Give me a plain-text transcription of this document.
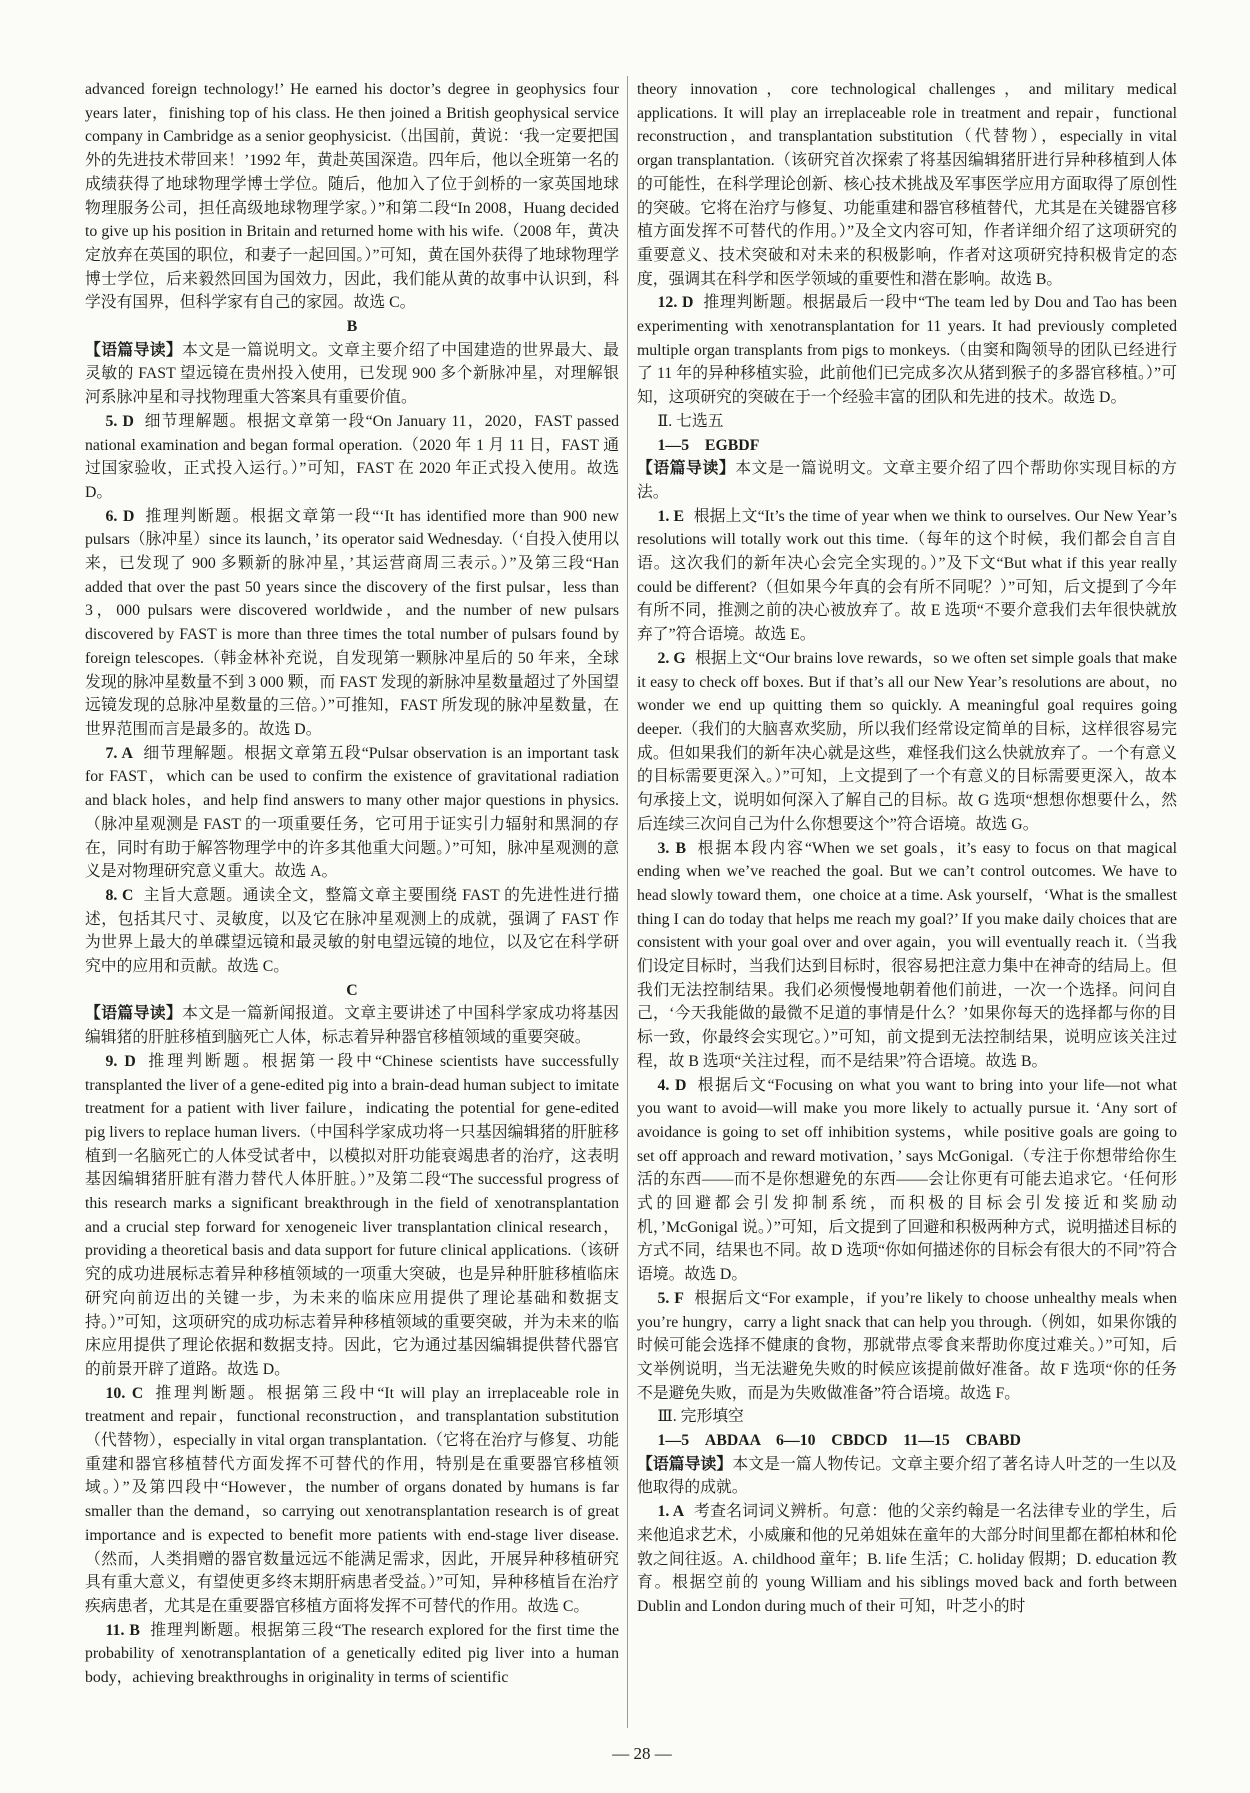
advanced foreign technology!’ He earned his doctor’s degree in geophysics four years later，finishing top of his class. He then joined a British geophysical service company in Cambridge as a senior geophysicist.（出国前，黄说：‘我一定要把国外的先进技术带回来！’1992 年，黄赴英国深造。四年后，他以全班第一名的成绩获得了地球物理学博士学位。随后，他加入了位于剑桥的一家英国地球物理服务公司，担任高级地球物理学家。）”和第二段“In 2008，Huang decided to give up his position in Britain and returned home with his wife.（2008 年，黄决定放弃在英国的职位，和妻子一起回国。）”可知，黄在国外获得了地球物理学博士学位，后来毅然回国为国效力，因此，我们能从黄的故事中认识到，科学没有国界，但科学家有自己的家园。故选 C。

B

【语篇导读】本文是一篇说明文。文章主要介绍了中国建造的世界最大、最灵敏的 FAST 望远镜在贵州投入使用，已发现 900 多个新脉冲星，对理解银河系脉冲星和寻找物理重大答案具有重要价值。

5. D 细节理解题。根据文章第一段“On January 11，2020，FAST passed national examination and began formal operation.（2020 年 1 月 11 日，FAST 通过国家验收，正式投入运行。）”可知，FAST 在 2020 年正式投入使用。故选 D。

6. D 推理判断题。根据文章第一段“‘It has identified more than 900 new pulsars（脉冲星）since its launch，’ its operator said Wednesday.（‘自投入使用以来，已发现了 900 多颗新的脉冲星，’其运营商周三表示。）”及第三段“Han added that over the past 50 years since the discovery of the first pulsar，less than 3，000 pulsars were discovered worldwide，and the number of new pulsars discovered by FAST is more than three times the total number of pulsars found by foreign telescopes.（韩金林补充说，自发现第一颗脉冲星后的 50 年来，全球发现的脉冲星数量不到 3 000 颗，而 FAST 发现的新脉冲星数量超过了外国望远镜发现的总脉冲星数量的三倍。）”可推知，FAST 所发现的脉冲星数量，在世界范围而言是最多的。故选 D。

7. A 细节理解题。根据文章第五段“Pulsar observation is an important task for FAST，which can be used to confirm the existence of gravitational radiation and black holes，and help find answers to many other major questions in physics.（脉冲星观测是 FAST 的一项重要任务，它可用于证实引力辐射和黑洞的存在，同时有助于解答物理学中的许多其他重大问题。）”可知，脉冲星观测的意义是对物理研究意义重大。故选 A。

8. C 主旨大意题。通读全文，整篇文章主要围绕 FAST 的先进性进行描述，包括其尺寸、灵敏度，以及它在脉冲星观测上的成就，强调了 FAST 作为世界上最大的单碟望远镜和最灵敏的射电望远镜的地位，以及它在科学研究中的应用和贡献。故选 C。

C

【语篇导读】本文是一篇新闻报道。文章主要讲述了中国科学家成功将基因编辑猪的肝脏移植到脑死亡人体，标志着异种器官移植领域的重要突破。

9. D 推理判断题。根据第一段中“Chinese scientists have successfully transplanted the liver of a gene-edited pig into a brain-dead human subject to imitate treatment for a patient with liver failure，indicating the potential for gene-edited pig livers to replace human livers.（中国科学家成功将一只基因编辑猪的肝脏移植到一名脑死亡的人体受试者中，以模拟对肝功能衰竭患者的治疗，这表明基因编辑猪肝脏有潜力替代人体肝脏。）”及第二段“The successful progress of this research marks a significant breakthrough in the field of xenotransplantation and a crucial step forward for xenogeneic liver transplantation clinical research，providing a theoretical basis and data support for future clinical applications.（该研究的成功进展标志着异种移植领域的一项重大突破，也是异种肝脏移植临床研究向前迈出的关键一步，为未来的临床应用提供了理论基础和数据支持。）”可知，这项研究的成功标志着异种移植领域的重要突破，并为未来的临床应用提供了理论依据和数据支持。因此，它为通过基因编辑提供替代器官的前景开辟了道路。故选 D。

10. C 推理判断题。根据第三段中“It will play an irreplaceable role in treatment and repair，functional reconstruction，and transplantation substitution（代替物），especially in vital organ transplantation.（它将在治疗与修复、功能重建和器官移植替代方面发挥不可替代的作用，特别是在重要器官移植领域。）”及第四段中“However，the number of organs donated by humans is far smaller than the demand，so carrying out xenotransplantation research is of great importance and is expected to benefit more patients with end-stage liver disease.（然而，人类捐赠的器官数量远远不能满足需求，因此，开展异种移植研究具有重大意义，有望使更多终末期肝病患者受益。）”可知，异种移植旨在治疗疾病患者，尤其是在重要器官移植方面将发挥不可替代的作用。故选 C。

11. B 推理判断题。根据第三段“The research explored for the first time the probability of xenotransplantation of a genetically edited pig liver into a human body，achieving breakthroughs in originality in terms of scientific

theory innovation，core technological challenges，and military medical applications. It will play an irreplaceable role in treatment and repair，functional reconstruction，and transplantation substitution（代替物），especially in vital organ transplantation.（该研究首次探索了将基因编辑猪肝进行异种移植到人体的可能性，在科学理论创新、核心技术挑战及军事医学应用方面取得了原创性的突破。它将在治疗与修复、功能重建和器官移植替代，尤其是在关键器官移植方面发挥不可替代的作用。）”及全文内容可知，作者详细介绍了这项研究的重要意义、技术突破和对未来的积极影响，作者对这项研究持积极肯定的态度，强调其在科学和医学领域的重要性和潜在影响。故选 B。

12. D 推理判断题。根据最后一段中“The team led by Dou and Tao has been experimenting with xenotransplantation for 11 years. It had previously completed multiple organ transplants from pigs to monkeys.（由窦和陶领导的团队已经进行了 11 年的异种移植实验，此前他们已完成多次从猪到猴子的多器官移植。）”可知，这项研究的突破在于一个经验丰富的团队和先进的技术。故选 D。

Ⅱ. 七选五

1—5　EGBDF

【语篇导读】本文是一篇说明文。文章主要介绍了四个帮助你实现目标的方法。

1. E 根据上文“It’s the time of year when we think to ourselves. Our New Year’s resolutions will totally work out this time.（每年的这个时候，我们都会自言自语。这次我们的新年决心会完全实现的。）”及下文“But what if this year really could be different?（但如果今年真的会有所不同呢？）”可知，后文提到了今年有所不同，推测之前的决心被放弃了。故 E 选项“不要介意我们去年很快就放弃了”符合语境。故选 E。

2. G 根据上文“Our brains love rewards，so we often set simple goals that make it easy to check off boxes. But if that’s all our New Year’s resolutions are about，no wonder we end up quitting them so quickly. A meaningful goal requires going deeper.（我们的大脑喜欢奖励，所以我们经常设定简单的目标，这样很容易完成。但如果我们的新年决心就是这些，难怪我们这么快就放弃了。一个有意义的目标需要更深入。）”可知，上文提到了一个有意义的目标需要更深入，故本句承接上文，说明如何深入了解自己的目标。故 G 选项“想想你想要什么，然后连续三次问自己为什么你想要这个”符合语境。故选 G。

3. B 根据本段内容“When we set goals，it’s easy to focus on that magical ending when we’ve reached the goal. But we can’t control outcomes. We have to head slowly toward them，one choice at a time. Ask yourself，‘What is the smallest thing I can do today that helps me reach my goal?’ If you make daily choices that are consistent with your goal over and over again，you will eventually reach it.（当我们设定目标时，当我们达到目标时，很容易把注意力集中在神奇的结局上。但我们无法控制结果。我们必须慢慢地朝着他们前进，一次一个选择。问问自己，‘今天我能做的最微不足道的事情是什么？’如果你每天的选择都与你的目标一致，你最终会实现它。）”可知，前文提到无法控制结果，说明应该关注过程，故 B 选项“关注过程，而不是结果”符合语境。故选 B。

4. D 根据后文“Focusing on what you want to bring into your life—not what you want to avoid—will make you more likely to actually pursue it. ‘Any sort of avoidance is going to set off inhibition systems，while positive goals are going to set off approach and reward motivation，’ says McGonigal.（专注于你想带给你生活的东西——而不是你想避免的东西——会让你更有可能去追求它。‘任何形式的回避都会引发抑制系统，而积极的目标会引发接近和奖励动机，’McGonigal 说。）”可知，后文提到了回避和积极两种方式，说明描述目标的方式不同，结果也不同。故 D 选项“你如何描述你的目标会有很大的不同”符合语境。故选 D。

5. F 根据后文“For example，if you’re likely to choose unhealthy meals when you’re hungry，carry a light snack that can help you through.（例如，如果你饿的时候可能会选择不健康的食物，那就带点零食来帮助你度过难关。）”可知，后文举例说明，当无法避免失败的时候应该提前做好准备。故 F 选项“你的任务不是避免失败，而是为失败做准备”符合语境。故选 F。

Ⅲ. 完形填空

1—5　ABDAA　6—10　CBDCD　11—15　CBABD

【语篇导读】本文是一篇人物传记。文章主要介绍了著名诗人叶芝的一生以及他取得的成就。

1. A 考查名词词义辨析。句意：他的父亲约翰是一名法律专业的学生，后来他追求艺术，小威廉和他的兄弟姐妹在童年的大部分时间里都在都柏林和伦敦之间往返。A. childhood 童年；B. life 生活；C. holiday 假期；D. education 教育。根据空前的 young William and his siblings moved back and forth between Dublin and London during much of their 可知，叶芝小的时

— 28 —
